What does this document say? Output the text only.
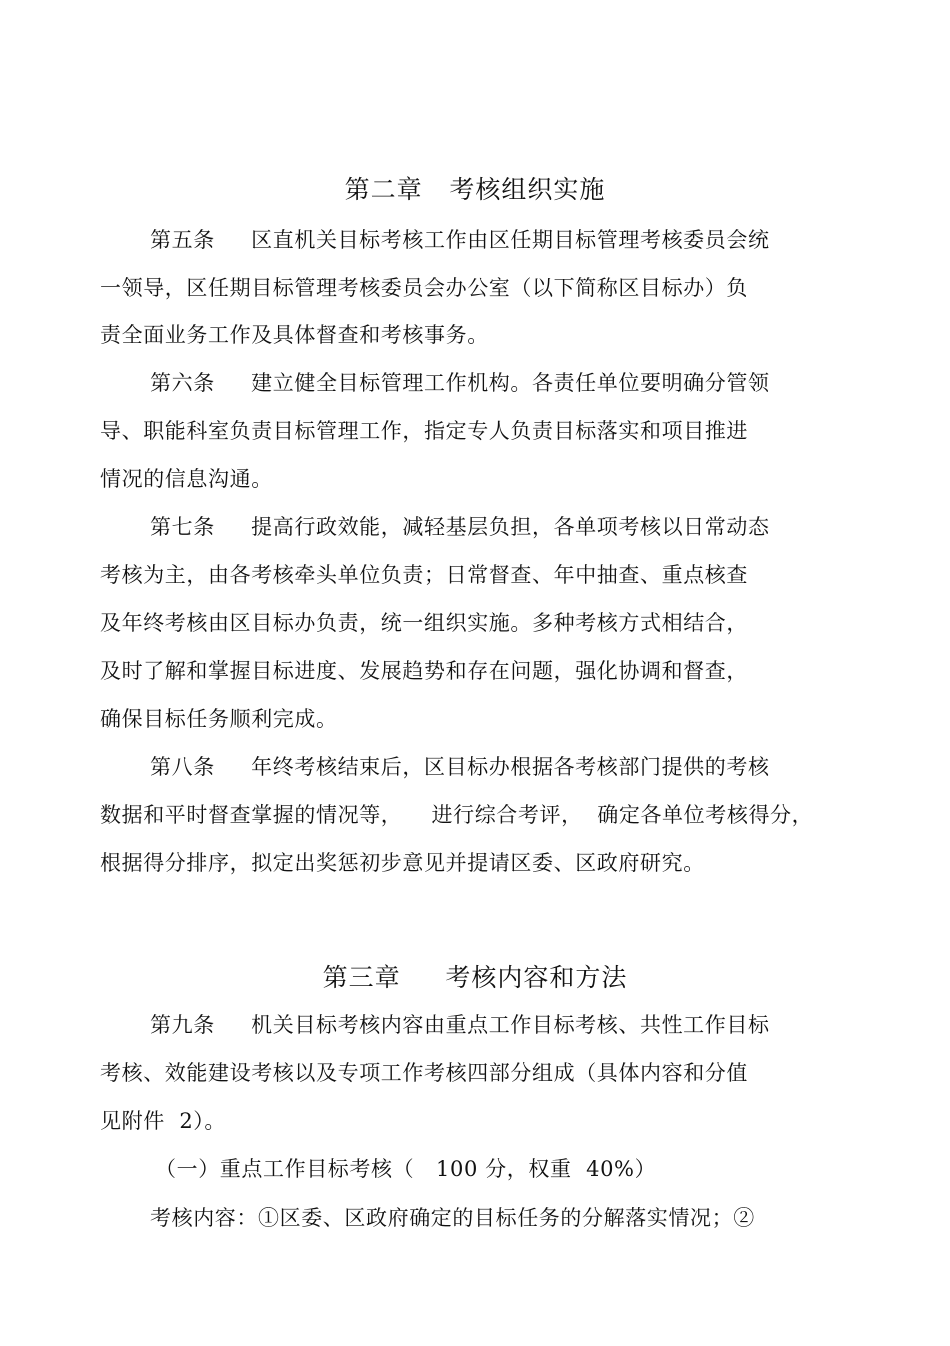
第二章   考核组织实施
第五条     区直机关目标考核工作由区任期目标管理考核委员会统
一领导，区任期目标管理考核委员会办公室（以下简称区目标办）负
责全面业务工作及具体督查和考核事务。
第六条     建立健全目标管理工作机构。各责任单位要明确分管领
导、职能科室负责目标管理工作，指定专人负责目标落实和项目推进
情况的信息沟通。
第七条     提高行政效能，减轻基层负担，各单项考核以日常动态
考核为主，由各考核牵头单位负责；日常督查、年中抽查、重点核查
及年终考核由区目标办负责，统一组织实施。多种考核方式相结合，
及时了解和掌握目标进度、发展趋势和存在问题，强化协调和督查，
确保目标任务顺利完成。
第八条     年终考核结束后，区目标办根据各考核部门提供的考核
数据和平时督查掌握的情况等，    进行综合考评，  确定各单位考核得分，
根据得分排序，拟定出奖惩初步意见并提请区委、区政府研究。
第三章     考核内容和方法
第九条     机关目标考核内容由重点工作目标考核、共性工作目标
考核、效能建设考核以及专项工作考核四部分组成（具体内容和分值
见附件  2）。
（一）重点工作目标考核（   100 分，权重  40%）
考核内容：①区委、区政府确定的目标任务的分解落实情况；②
